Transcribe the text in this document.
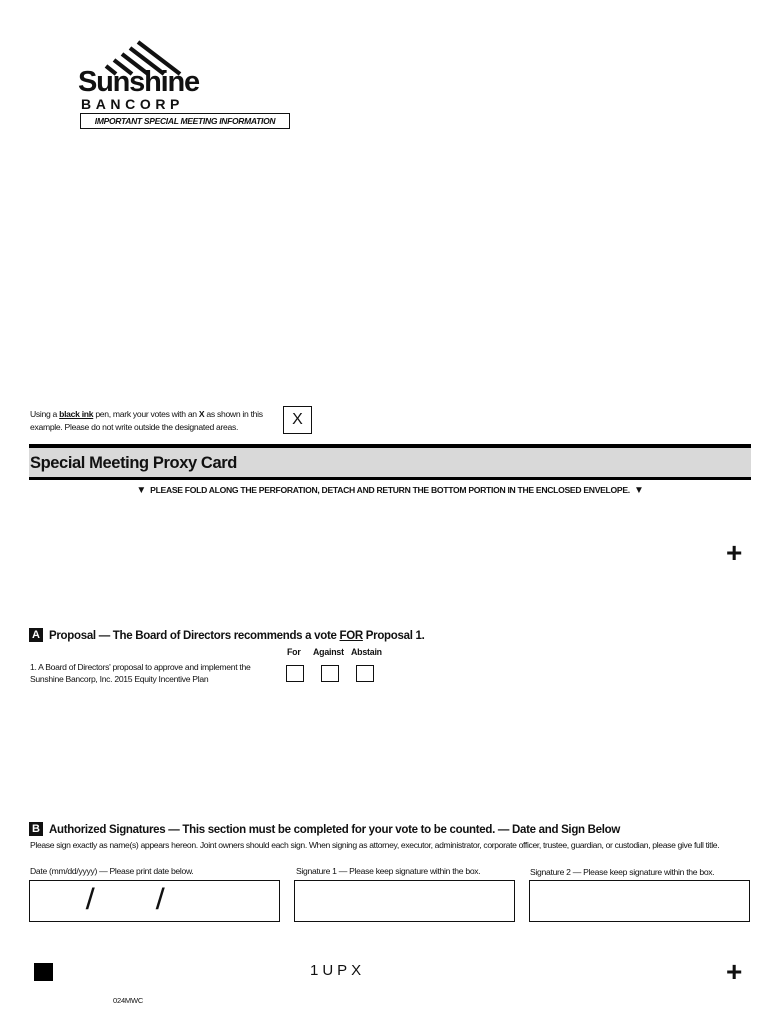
Sunshine
BANCORP
IMPORTANT SPECIAL MEETING INFORMATION
Using a black ink pen, mark your votes with an X as shown in this example. Please do not write outside the designated areas.	X
Special Meeting Proxy Card
▼ PLEASE FOLD ALONG THE PERFORATION, DETACH AND RETURN THE BOTTOM PORTION IN THE ENCLOSED ENVELOPE. ▼
+
A Proposal — The Board of Directors recommends a vote FOR Proposal 1.
For Against Abstain
1. A Board of Directors' proposal to approve and implement the Sunshine Bancorp, Inc. 2015 Equity Incentive Plan
B Authorized Signatures — This section must be completed for your vote to be counted. — Date and Sign Below
Please sign exactly as name(s) appears hereon. Joint owners should each sign. When signing as attorney, executor, administrator, corporate officer, trustee, guardian, or custodian, please give full title.
Date (mm/dd/yyyy) — Please print date below.	Signature 1 — Please keep signature within the box.	Signature 2 — Please keep signature within the box.
/ /
1UPX	+
024MWC
